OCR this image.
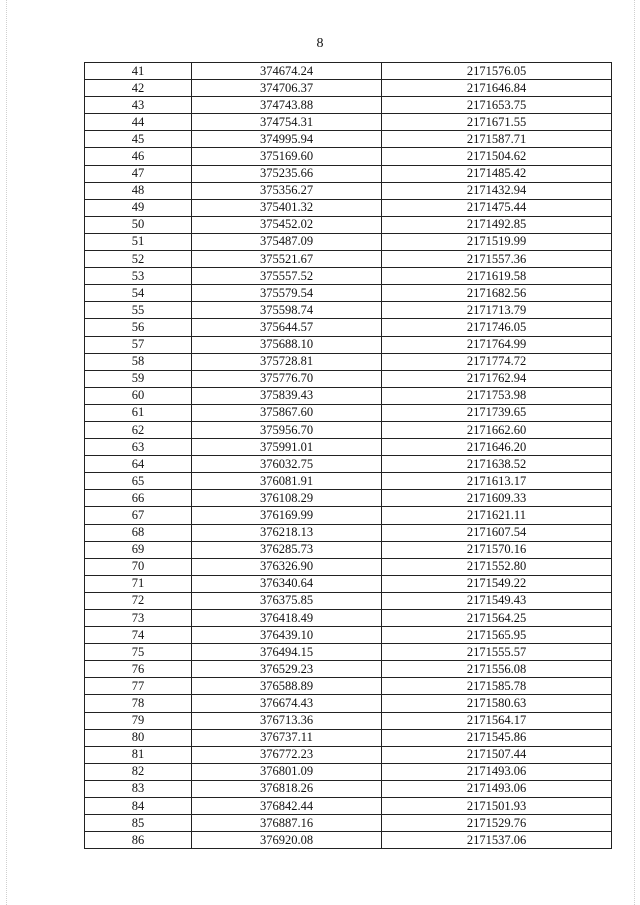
8
41	374674.24	2171576.05
42	374706.37	2171646.84
43	374743.88	2171653.75
44	374754.31	2171671.55
45	374995.94	2171587.71
46	375169.60	2171504.62
47	375235.66	2171485.42
48	375356.27	2171432.94
49	375401.32	2171475.44
50	375452.02	2171492.85
51	375487.09	2171519.99
52	375521.67	2171557.36
53	375557.52	2171619.58
54	375579.54	2171682.56
55	375598.74	2171713.79
56	375644.57	2171746.05
57	375688.10	2171764.99
58	375728.81	2171774.72
59	375776.70	2171762.94
60	375839.43	2171753.98
61	375867.60	2171739.65
62	375956.70	2171662.60
63	375991.01	2171646.20
64	376032.75	2171638.52
65	376081.91	2171613.17
66	376108.29	2171609.33
67	376169.99	2171621.11
68	376218.13	2171607.54
69	376285.73	2171570.16
70	376326.90	2171552.80
71	376340.64	2171549.22
72	376375.85	2171549.43
73	376418.49	2171564.25
74	376439.10	2171565.95
75	376494.15	2171555.57
76	376529.23	2171556.08
77	376588.89	2171585.78
78	376674.43	2171580.63
79	376713.36	2171564.17
80	376737.11	2171545.86
81	376772.23	2171507.44
82	376801.09	2171493.06
83	376818.26	2171493.06
84	376842.44	2171501.93
85	376887.16	2171529.76
86	376920.08	2171537.06
